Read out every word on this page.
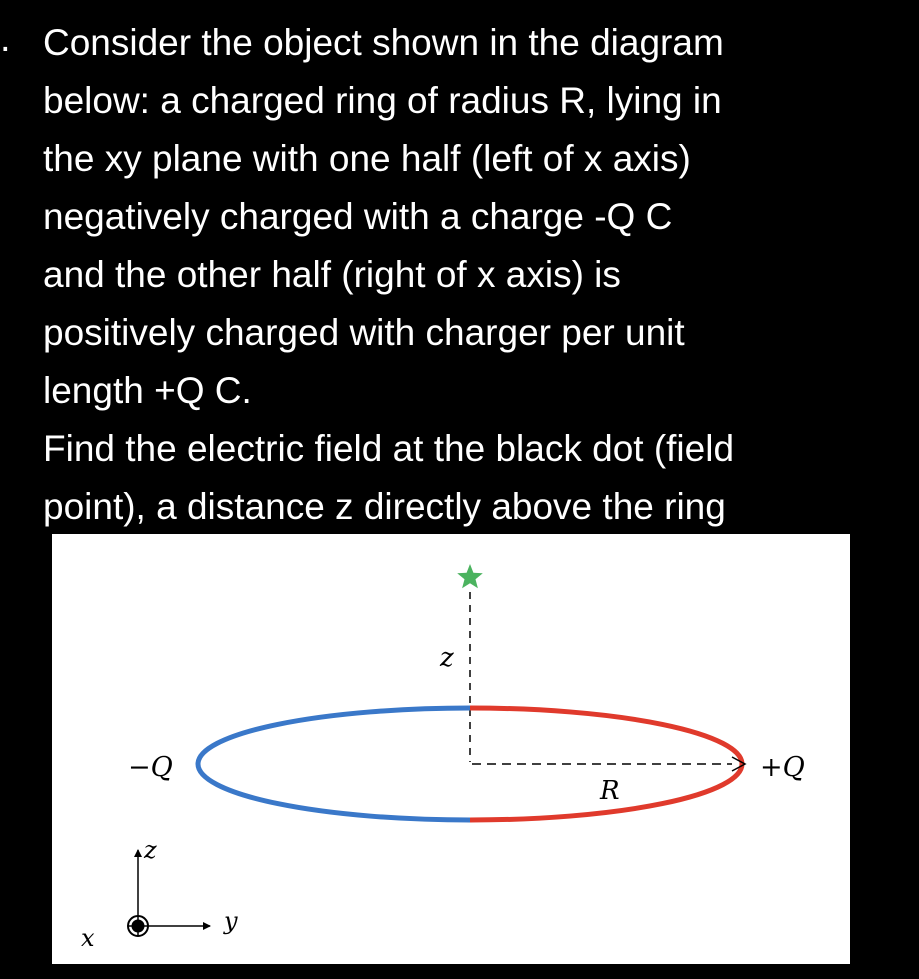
. Consider the object shown in the diagram
below: a charged ring of radius R, lying in
the xy plane with one half (left of x axis)
negatively charged with a charge -Q C
and the other half (right of x axis) is
positively charged with charger per unit
length +Q C.
Find the electric field at the black dot (field
point), a distance z directly above the ring
z
R
−Q	+Q
z
x
y
